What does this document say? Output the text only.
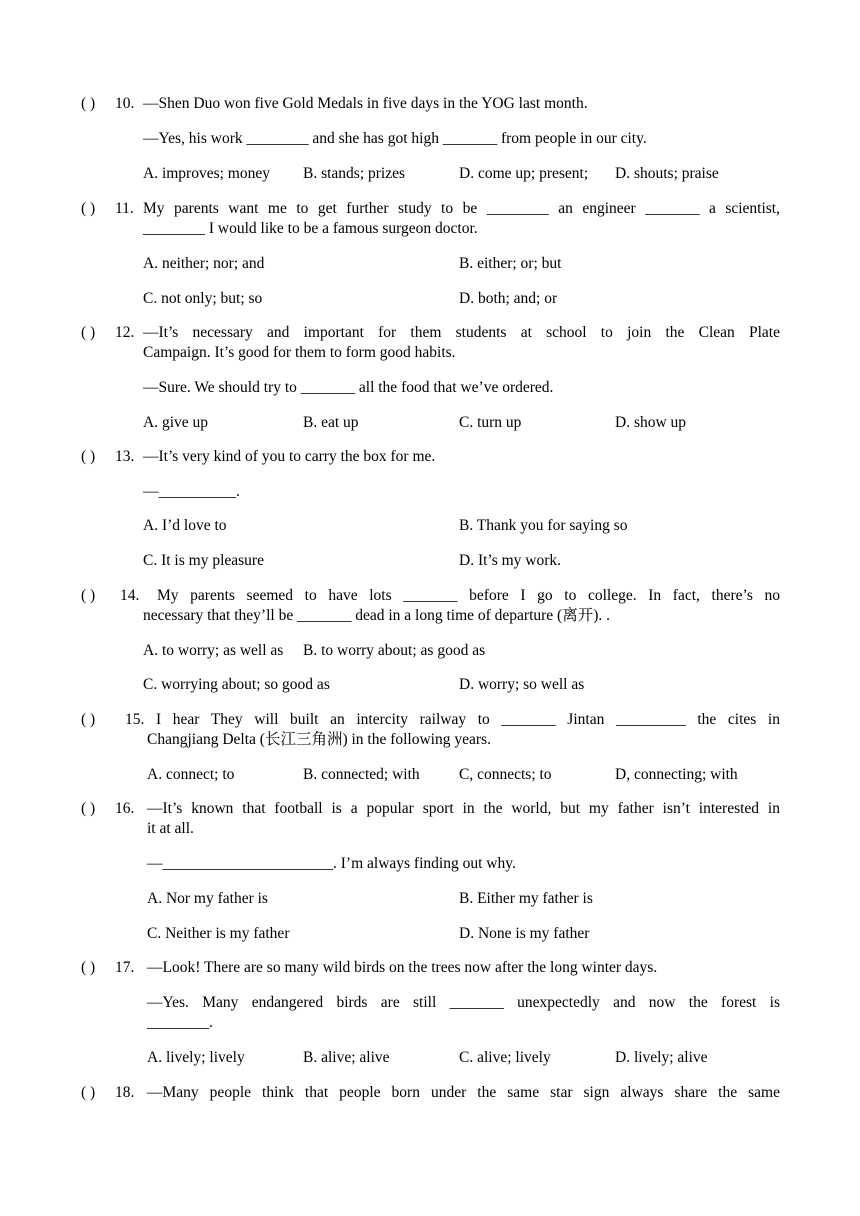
( ) 10. —Shen Duo won five Gold Medals in five days in the YOG last month.
—Yes, his work ________ and she has got high _______ from people in our city.
A. improves; money B. stands; prizes	D. come up; present; D. shouts; praise
( ) 11. My parents want me to get further study to be ________ an engineer _______ a scientist,
________ I would like to be a famous surgeon doctor.
A. neither; nor; and	B. either; or; but
C. not only; but; so	D. both; and; or
( ) 12. —It’s necessary and important for them students at school to join the Clean Plate
Campaign. It’s good for them to form good habits.
—Sure. We should try to _______ all the food that we’ve ordered.
A. give up	B. eat up	C. turn up	D. show up
( ) 13. —It’s very kind of you to carry the box for me.
—__________.
A. I’d love to	B. Thank you for saying so
C. It is my pleasure	D. It’s my work.
( ) 14. My parents seemed to have lots _______ before I go to college. In fact, there’s no
necessary that they’ll be _______ dead in a long time of departure (离开). .
A. to worry; as well as B. to worry about; as good as
C. worrying about; so good as	D. worry; so well as
( ) 15. I hear They will built an intercity railway to _______ Jintan _________ the cites in
Changjiang Delta (长江三角洲) in the following years.
A. connect; to	B. connected; with	C, connects; to	D, connecting; with
( ) 16. —It’s known that football is a popular sport in the world, but my father isn’t interested in
it at all.
—______________________. I’m always finding out why.
A. Nor my father is	B. Either my father is
C. Neither is my father	D. None is my father
( ) 17. —Look! There are so many wild birds on the trees now after the long winter days.
—Yes. Many endangered birds are still _______ unexpectedly and now the forest is
________.
A. lively; lively	B. alive; alive	C. alive; lively	D. lively; alive
( ) 18. —Many people think that people born under the same star sign always share the same
